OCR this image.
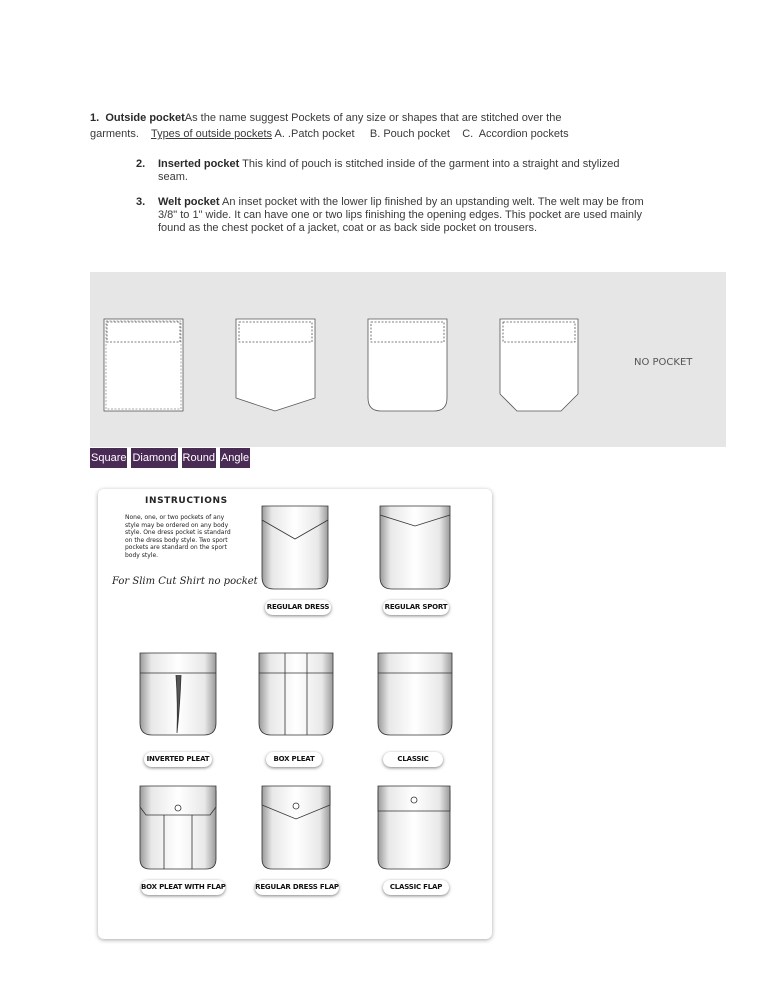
1. Outside pocketAs the name suggest Pockets of any size or shapes that are stitched over the
garments. Types of outside pockets A. .Patch pocket     B. Pouch pocket    C.  Accordion pockets
2. Inserted pocket This kind of pouch is stitched inside of the garment into a straight and stylized seam.
3. Welt pocket An inset pocket with the lower lip finished by an upstanding welt. The welt may be from 3/8" to 1" wide. It can have one or two lips finishing the opening edges. This pocket are used mainly found as the chest pocket of a jacket, coat or as back side pocket on trousers.
NO POCKET
Square Diamond Round Angle
INSTRUCTIONS
None, one, or two pockets of any style may be ordered on any body style. One dress pocket is standard on the dress body style. Two sport pockets are standard on the sport body style.
For Slim Cut Shirt no pocket
REGULAR DRESS	REGULAR SPORT
INVERTED PLEAT	BOX PLEAT	CLASSIC
BOX PLEAT WITH FLAP	REGULAR DRESS FLAP	CLASSIC FLAP
